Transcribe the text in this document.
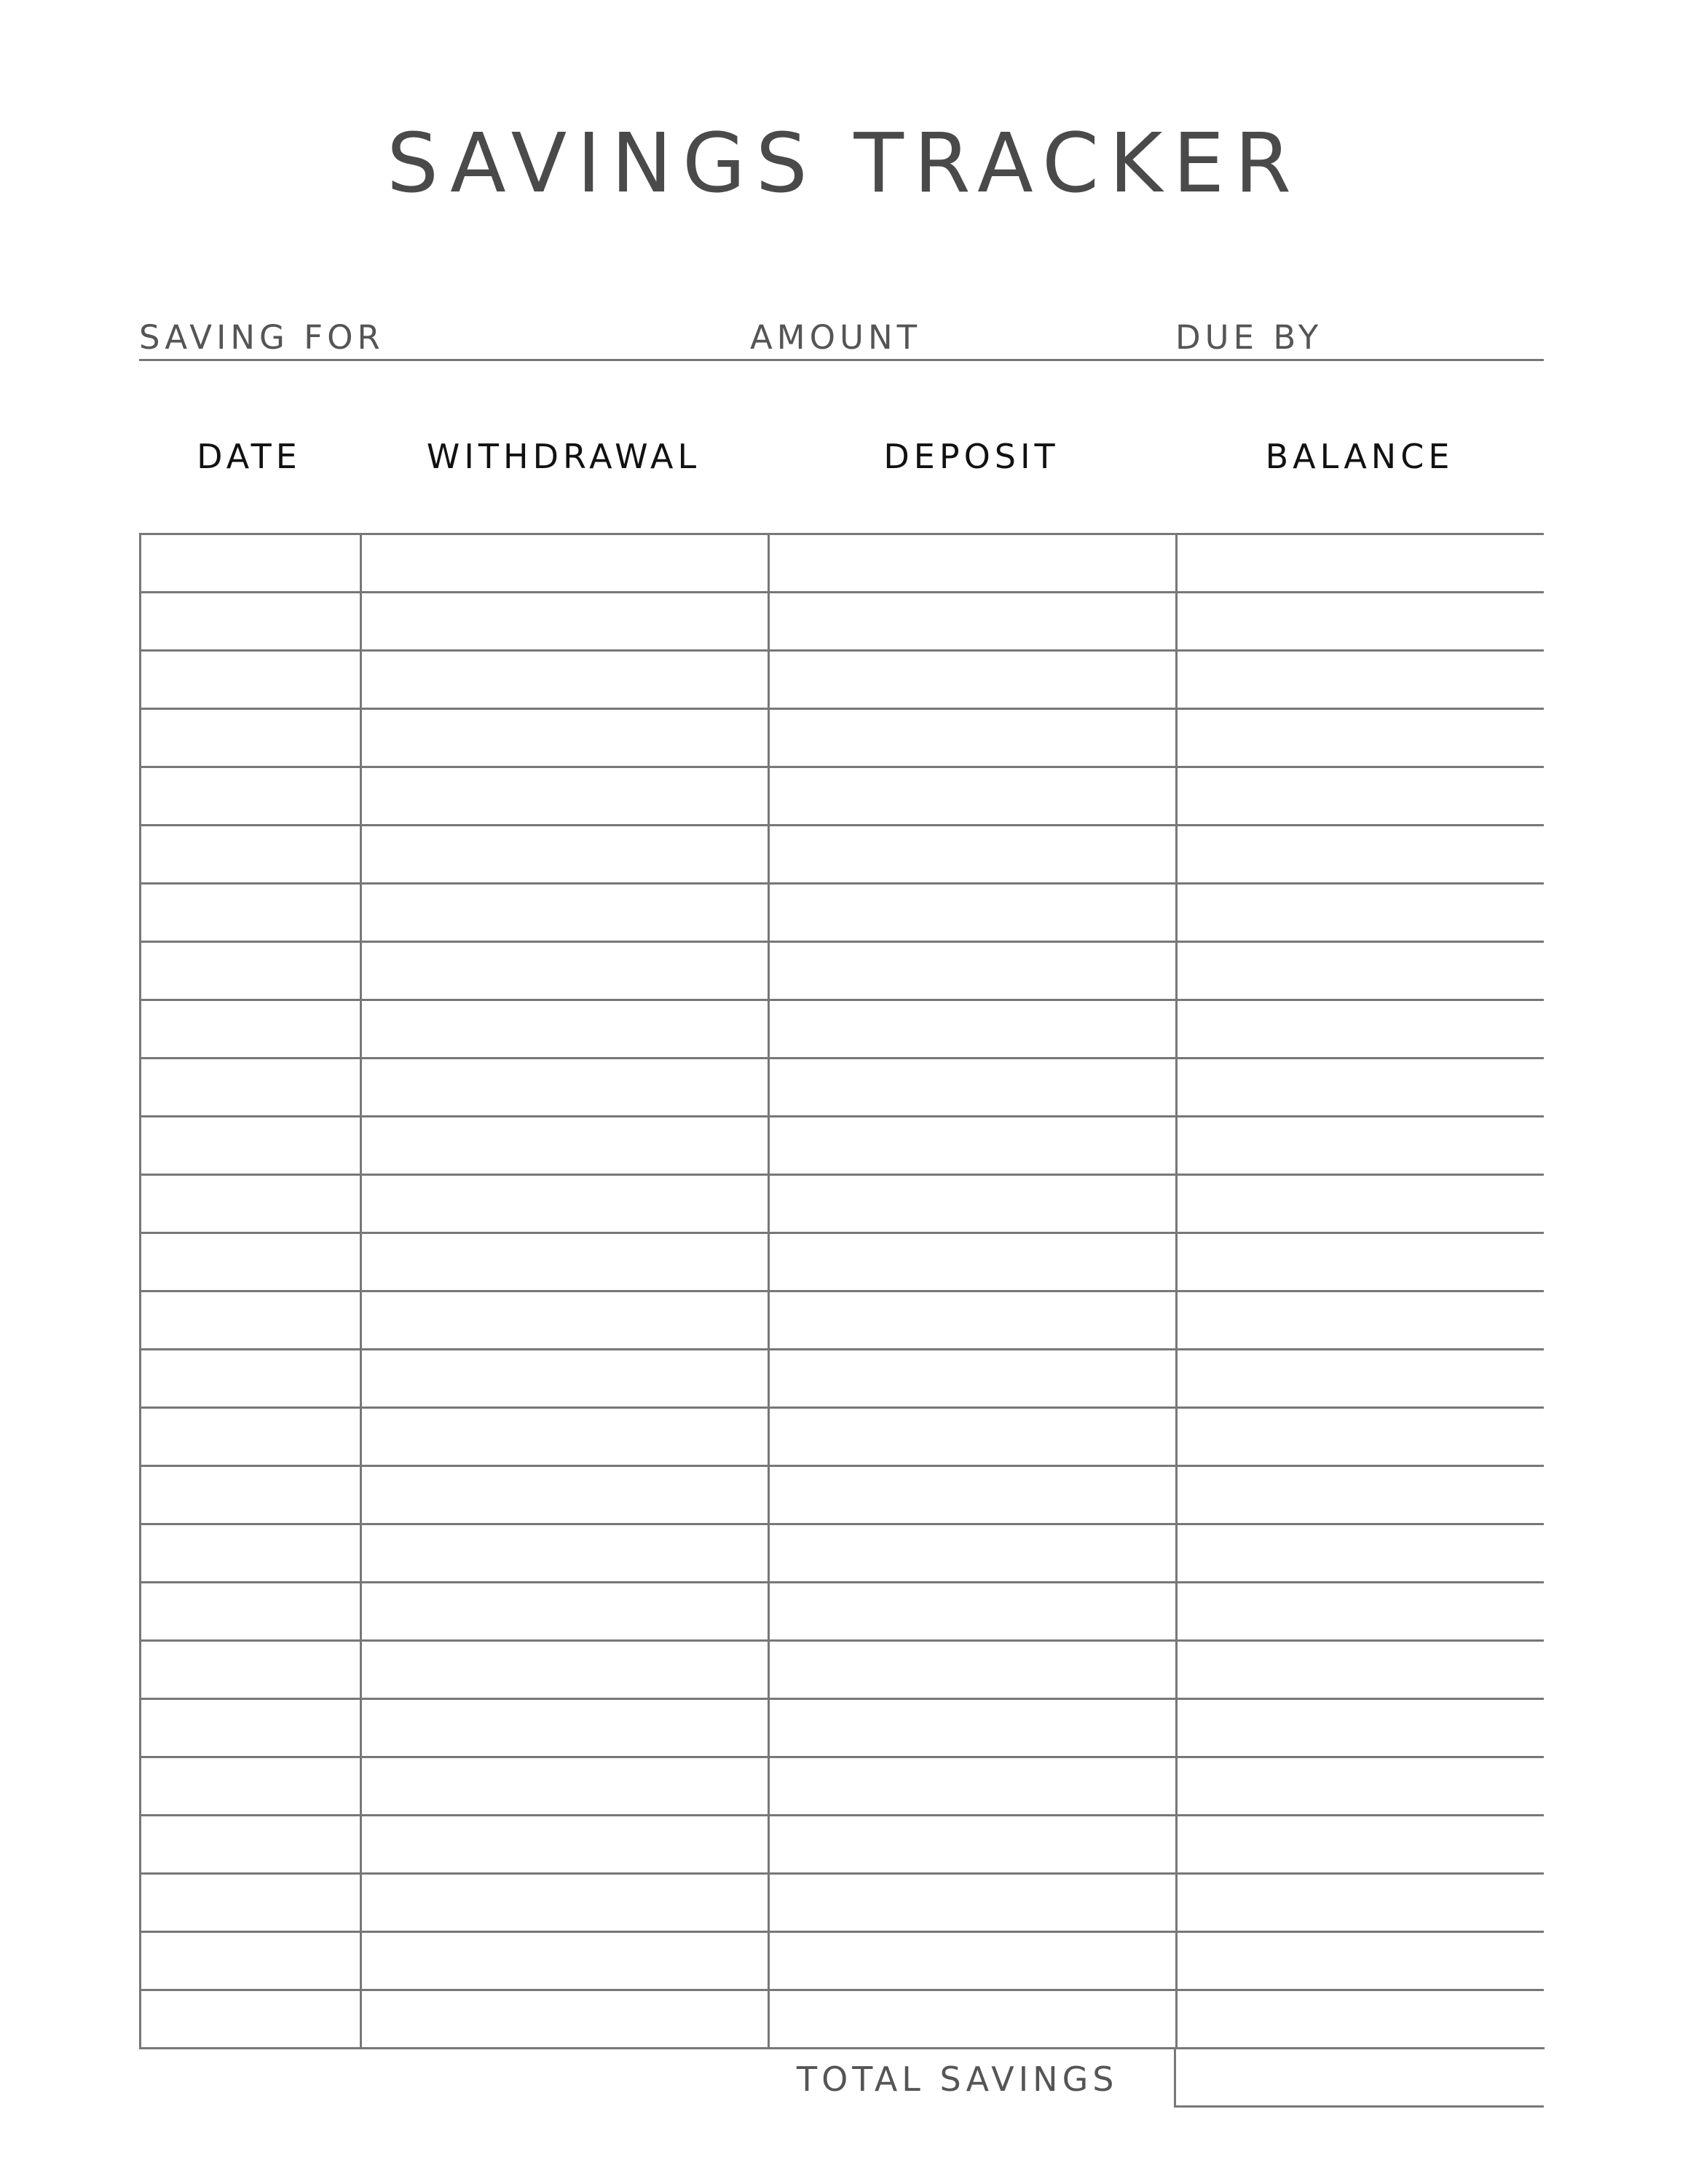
SAVINGS TRACKER
SAVING FOR	AMOUNT	DUE BY
DATE	WITHDRAWAL	DEPOSIT	BALANCE
TOTAL SAVINGS
